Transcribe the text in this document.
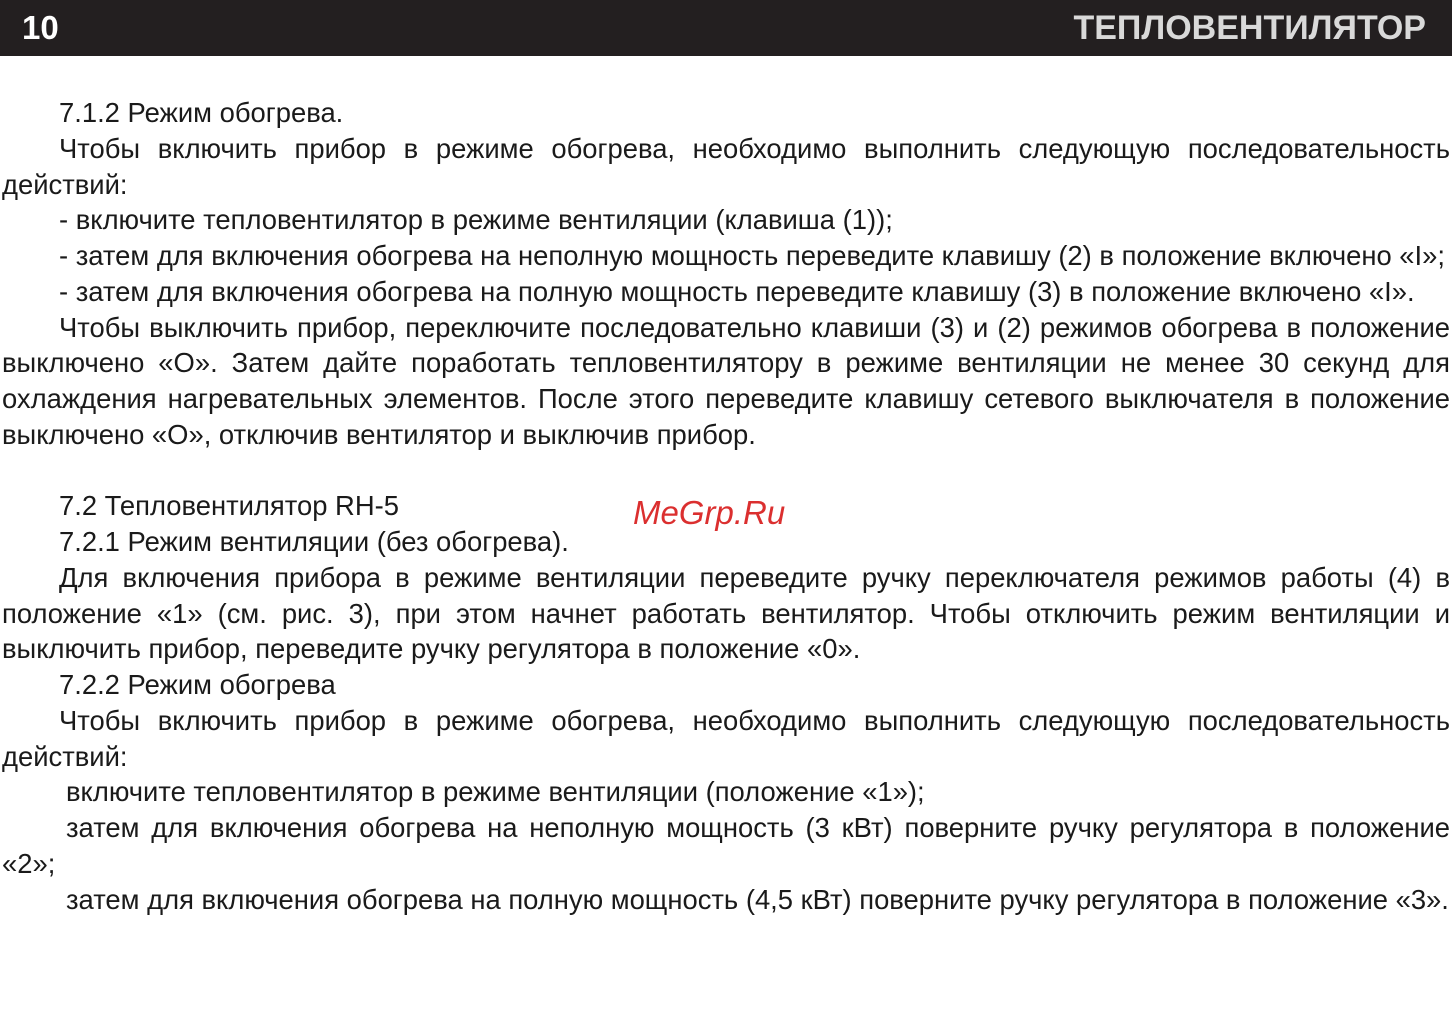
10	ТЕПЛОВЕНТИЛЯТОР

7.1.2 Режим обогрева.

Чтобы включить прибор в режиме обогрева, необходимо выполнить следующую последовательность действий:

- включите тепловентилятор в режиме вентиляции (клавиша (1));

- затем для включения обогрева на неполную мощность переведите клавишу (2) в положение включено «I»;

- затем для включения обогрева на полную мощность переведите клавишу (3) в положение включено «I».

Чтобы выключить прибор, переключите последовательно клавиши (3) и (2) режимов обогрева в положение выключено «О». Затем дайте поработать тепловентилятору в режиме вентиляции не менее 30 секунд для охлаждения нагревательных элементов. После этого переведите клавишу сетевого выключателя в положение выключено «О», отключив вентилятор и выключив прибор.

7.2 Тепловентилятор RH-5

7.2.1 Режим вентиляции (без обогрева).

Для включения прибора в режиме вентиляции переведите ручку переключателя режимов работы (4) в положение «1» (см. рис. 3), при этом начнет работать вентилятор. Чтобы отключить режим вентиляции и выключить прибор, переведите ручку регулятора в положение «0».

7.2.2 Режим обогрева

Чтобы включить прибор в режиме обогрева, необходимо выполнить следующую последовательность действий:

включите тепловентилятор в режиме вентиляции (положение «1»);

затем для включения обогрева на неполную мощность (3 кВт) поверните ручку регулятора в положение «2»;

затем для включения обогрева на полную мощность (4,5 кВт) поверните ручку регулятора в положение «3».

MeGrp.Ru
